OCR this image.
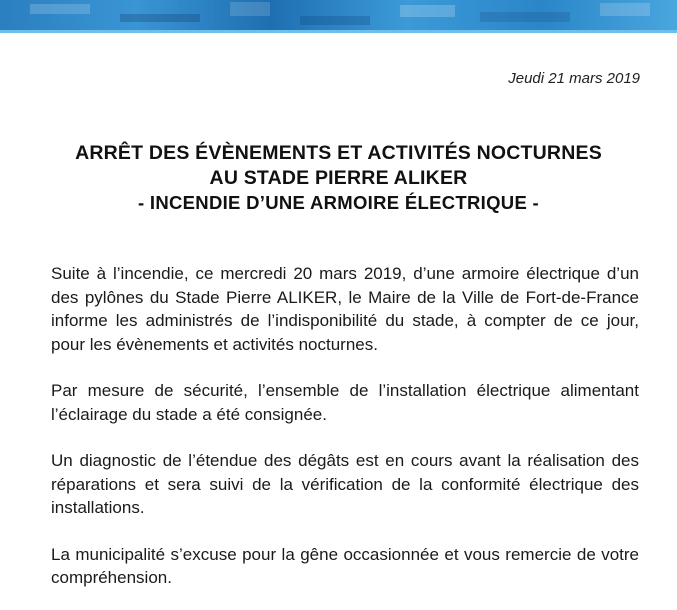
Jeudi 21 mars 2019
ARRÊT DES ÉVÈNEMENTS ET ACTIVITÉS NOCTURNES
AU STADE PIERRE ALIKER
- INCENDIE D’UNE ARMOIRE ÉLECTRIQUE -

Suite à l’incendie, ce mercredi 20 mars 2019, d’une armoire électrique d’un des pylônes du Stade Pierre ALIKER, le Maire de la Ville de Fort-de-France informe les administrés de l’indisponibilité du stade, à compter de ce jour, pour les évènements et activités nocturnes.

Par mesure de sécurité, l’ensemble de l’installation électrique alimentant l’éclairage du stade a été consignée.

Un diagnostic de l’étendue des dégâts est en cours avant la réalisation des réparations et sera suivi de la vérification de la conformité électrique des installations.

La municipalité s’excuse pour la gêne occasionnée et vous remercie de votre compréhension.
